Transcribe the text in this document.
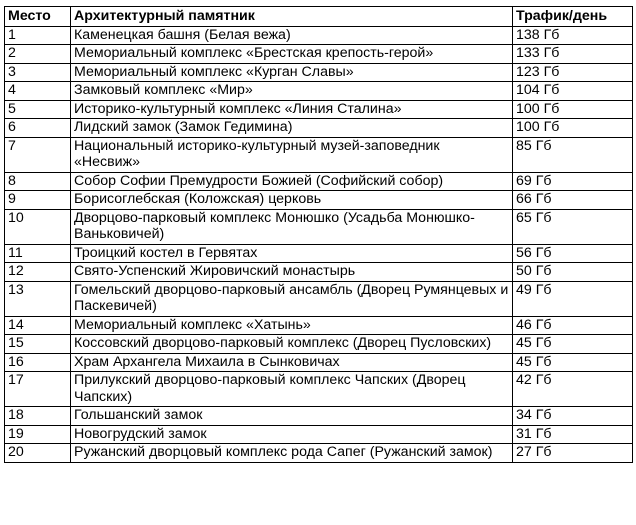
Место	Архитектурный памятник	Трафик/день
1	Каменецкая башня (Белая вежа)	138 Гб
2	Мемориальный комплекс «Брестская крепость-герой»	133 Гб
3	Мемориальный комплекс «Курган Славы»	123 Гб
4	Замковый комплекс «Мир»	104 Гб
5	Историко-культурный комплекс «Линия Сталина»	100 Гб
6	Лидский замок (Замок Гедимина)	100 Гб
7	Национальный историко-культурный музей-заповедник «Несвиж»	85 Гб
8	Собор Софии Премудрости Божией (Софийский собор)	69 Гб
9	Борисоглебская (Коложская) церковь	66 Гб
10	Дворцово-парковый комплекс Монюшко (Усадьба Монюшко-Ваньковичей)	65 Гб
11	Троицкий костел в Гервятах	56 Гб
12	Свято-Успенский Жировичский монастырь	50 Гб
13	Гомельский дворцово-парковый ансамбль (Дворец Румянцевых и Паскевичей)	49 Гб
14	Мемориальный комплекс «Хатынь»	46 Гб
15	Коссовский дворцово-парковый комплекс (Дворец Пусловских)	45 Гб
16	Храм Архангела Михаила в Сынковичах	45 Гб
17	Прилукский дворцово-парковый комплекс Чапских (Дворец Чапских)	42 Гб
18	Гольшанский замок	34 Гб
19	Новогрудский замок	31 Гб
20	Ружанский дворцовый комплекс рода Сапег (Ружанский замок)	27 Гб
